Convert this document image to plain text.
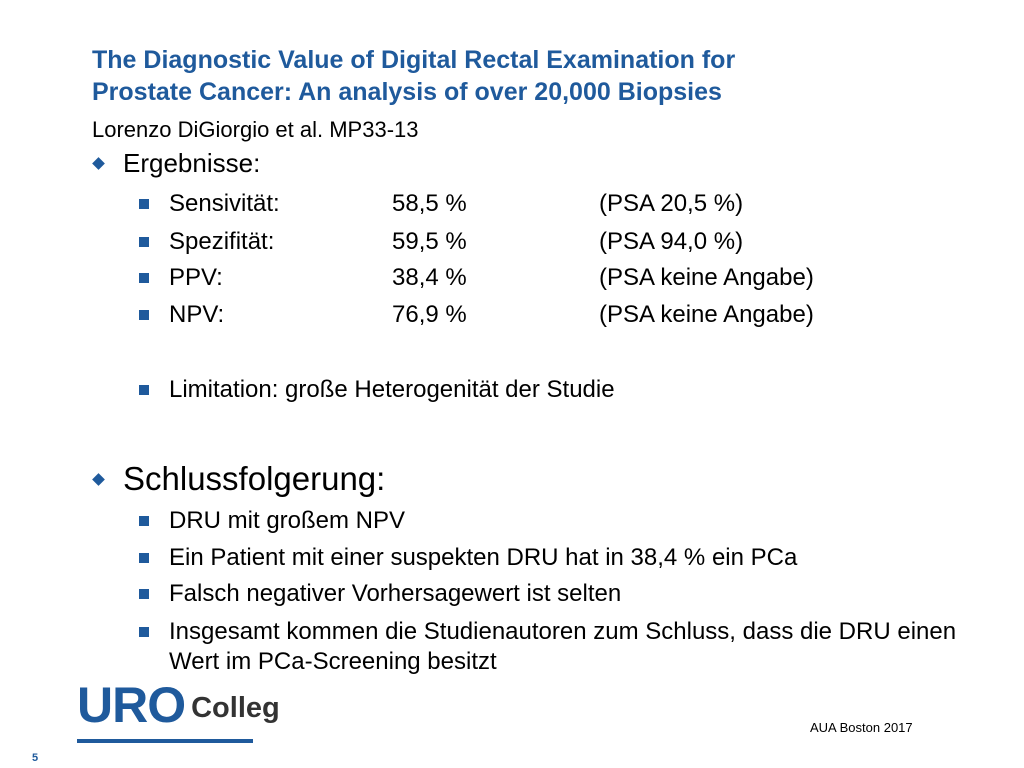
The Diagnostic Value of Digital Rectal Examination for
Prostate Cancer: An analysis of over 20,000 Biopsies
Lorenzo DiGiorgio et al. MP33-13
Ergebnisse:
Sensivität:	58,5 %	(PSA 20,5 %)
Spezifität:	59,5 %	(PSA 94,0 %)
PPV:	38,4 %	(PSA keine Angabe)
NPV:	76,9 %	(PSA keine Angabe)
Limitation: große Heterogenität der Studie
Schlussfolgerung:
DRU mit großem NPV
Ein Patient mit einer suspekten DRU hat in 38,4 % ein PCa
Falsch negativer Vorhersagewert ist selten
Insgesamt kommen die Studienautoren zum Schluss, dass die DRU einen Wert im PCa-Screening besitzt
URO Colleg
AUA Boston 2017
5
